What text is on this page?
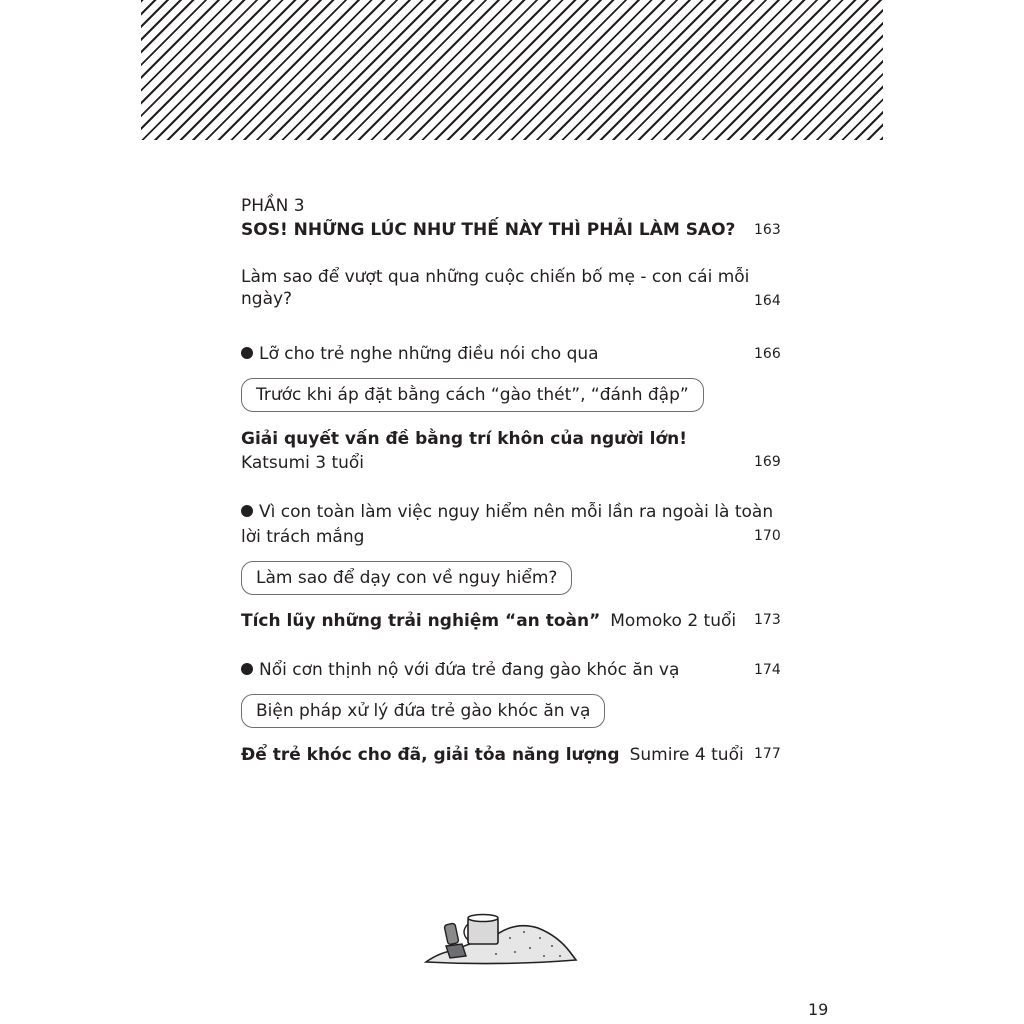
PHẦN 3
SOS! NHỮNG LÚC NHƯ THẾ NÀY THÌ PHẢI LÀM SAO? 163
Làm sao để vượt qua những cuộc chiến bố mẹ - con cái mỗi
ngày?	164
Lỡ cho trẻ nghe những điều nói cho qua	166
Trước khi áp đặt bằng cách “gào thét”, “đánh đập”
Giải quyết vấn đề bằng trí khôn của người lớn!
Katsumi 3 tuổi	169
Vì con toàn làm việc nguy hiểm nên mỗi lần ra ngoài là toàn
lời trách mắng	170
Làm sao để dạy con về nguy hiểm?
Tích lũy những trải nghiệm “an toàn” Momoko 2 tuổi 173
Nổi cơn thịnh nộ với đứa trẻ đang gào khóc ăn vạ	174
Biện pháp xử lý đứa trẻ gào khóc ăn vạ
Để trẻ khóc cho đã, giải tỏa năng lượng Sumire 4 tuổi 177
19
